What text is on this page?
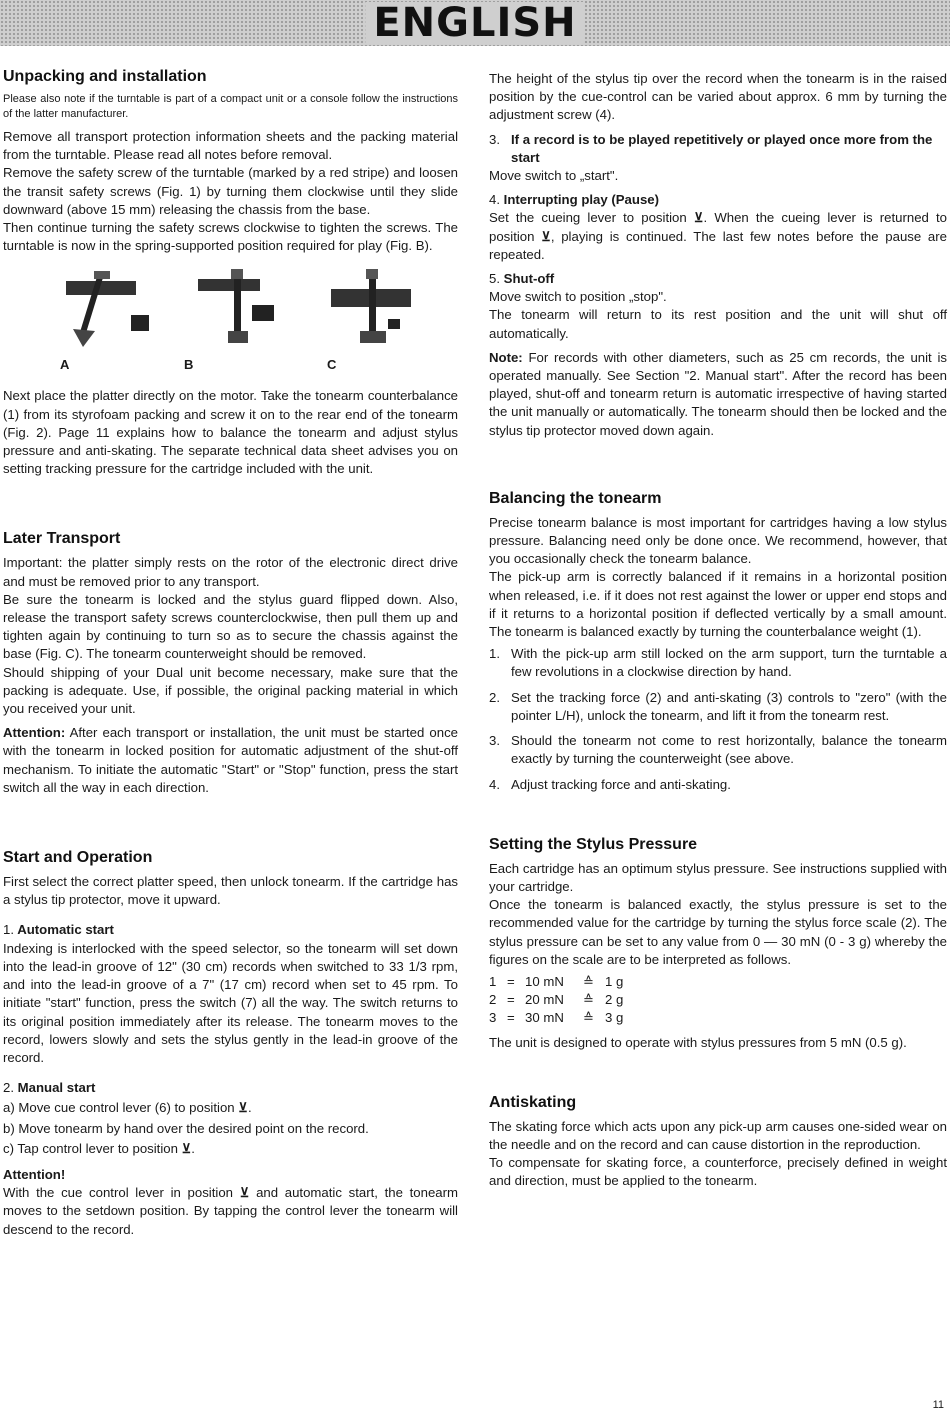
ENGLISH
Unpacking and installation

Please also note if the turntable is part of a compact unit or a console follow the instructions of the latter manufacturer.

Remove all transport protection information sheets and the packing material from the turntable. Please read all notes before removal.

Remove the safety screw of the turntable (marked by a red stripe) and loosen the transit safety screws (Fig. 1) by turning them clockwise until they slide downward (above 15 mm) releasing the chassis from the base.

Then continue turning the safety screws clockwise to tighten the screws. The turntable is now in the spring-supported position required for play (Fig. B).

A	B	C

Next place the platter directly on the motor. Take the tonearm counterbalance (1) from its styrofoam packing and screw it on to the rear end of the tonearm (Fig. 2). Page 11 explains how to balance the tonearm and adjust stylus pressure and anti-skating. The separate technical data sheet advises you on setting tracking pressure for the cartridge included with the unit.

Later Transport

Important: the platter simply rests on the rotor of the electronic direct drive and must be removed prior to any transport.

Be sure the tonearm is locked and the stylus guard flipped down. Also, release the transport safety screws counterclockwise, then pull them up and tighten again by continuing to turn so as to secure the chassis against the base (Fig. C). The tonearm counterweight should be removed.

Should shipping of your Dual unit become necessary, make sure that the packing is adequate. Use, if possible, the original packing material in which you received your unit.

Attention: After each transport or installation, the unit must be started once with the tonearm in locked position for automatic adjustment of the shut-off mechanism. To initiate the automatic "Start" or "Stop" function, press the start switch all the way in each direction.

Start and Operation

First select the correct platter speed, then unlock tonearm. If the cartridge has a stylus tip protector, move it upward.

1. Automatic start

Indexing is interlocked with the speed selector, so the tonearm will set down into the lead-in groove of 12" (30 cm) records when switched to 33 1/3 rpm, and into the lead-in groove of a 7" (17 cm) record when set to 45 rpm. To initiate "start" function, press the switch (7) all the way. The switch returns to its original position immediately after its release. The tonearm moves to the record, lowers slowly and sets the stylus gently in the lead-in groove of the record.

2. Manual start
a) Move cue control lever (6) to position ⊻.
b) Move tonearm by hand over the desired point on the record.
c) Tap control lever to position ⊻.
Attention!

With the cue control lever in position ⊻ and automatic start, the tonearm moves to the setdown position. By tapping the control lever the tonearm will descend to the record.

The height of the stylus tip over the record when the tonearm is in the raised position by the cue-control can be varied about approx. 6 mm by turning the adjustment screw (4).

3. If a record is to be played repetitively or played once more from the start

Move switch to „start".

4. Interrupting play (Pause)

Set the cueing lever to position ⊻. When the cueing lever is returned to position ⊻, playing is continued. The last few notes before the pause are repeated.

5. Shut-off

Move switch to position „stop".

The tonearm will return to its rest position and the unit will shut off automatically.

Note: For records with other diameters, such as 25 cm records, the unit is operated manually. See Section "2. Manual start". After the record has been played, shut-off and tonearm return is automatic irrespective of having started the unit manually or automatically. The tonearm should then be locked and the stylus tip protector moved down again.

Balancing the tonearm

Precise tonearm balance is most important for cartridges having a low stylus pressure. Balancing need only be done once. We recommend, however, that you occasionally check the tonearm balance.

The pick-up arm is correctly balanced if it remains in a horizontal position when released, i.e. if it does not rest against the lower or upper end stops and if it returns to a horizontal position if deflected vertically by a small amount. The tonearm is balanced exactly by turning the counterbalance weight (1).

1. With the pick-up arm still locked on the arm support, turn the turntable a few revolutions in a clockwise direction by hand.
2. Set the tracking force (2) and anti-skating (3) controls to "zero" (with the pointer L/H), unlock the tonearm, and lift it from the tonearm rest.
3. Should the tonearm not come to rest horizontally, balance the tonearm exactly by turning the counterweight (see above.
4. Adjust tracking force and anti-skating.
Setting the Stylus Pressure

Each cartridge has an optimum stylus pressure. See instructions supplied with your cartridge.

Once the tonearm is balanced exactly, the stylus pressure is set to the recommended value for the cartridge by turning the stylus force scale (2). The stylus pressure can be set to any value from 0 — 30 mN (0 - 3 g) whereby the figures on the scale are to be interpreted as follows.

1 = 10 mN ≙ 1 g
2 = 20 mN ≙ 2 g
3 = 30 mN ≙ 3 g

The unit is designed to operate with stylus pressures from 5 mN (0.5 g).

Antiskating

The skating force which acts upon any pick-up arm causes one-sided wear on the needle and on the record and can cause distortion in the reproduction.

To compensate for skating force, a counterforce, precisely defined in weight and direction, must be applied to the tonearm.

11
